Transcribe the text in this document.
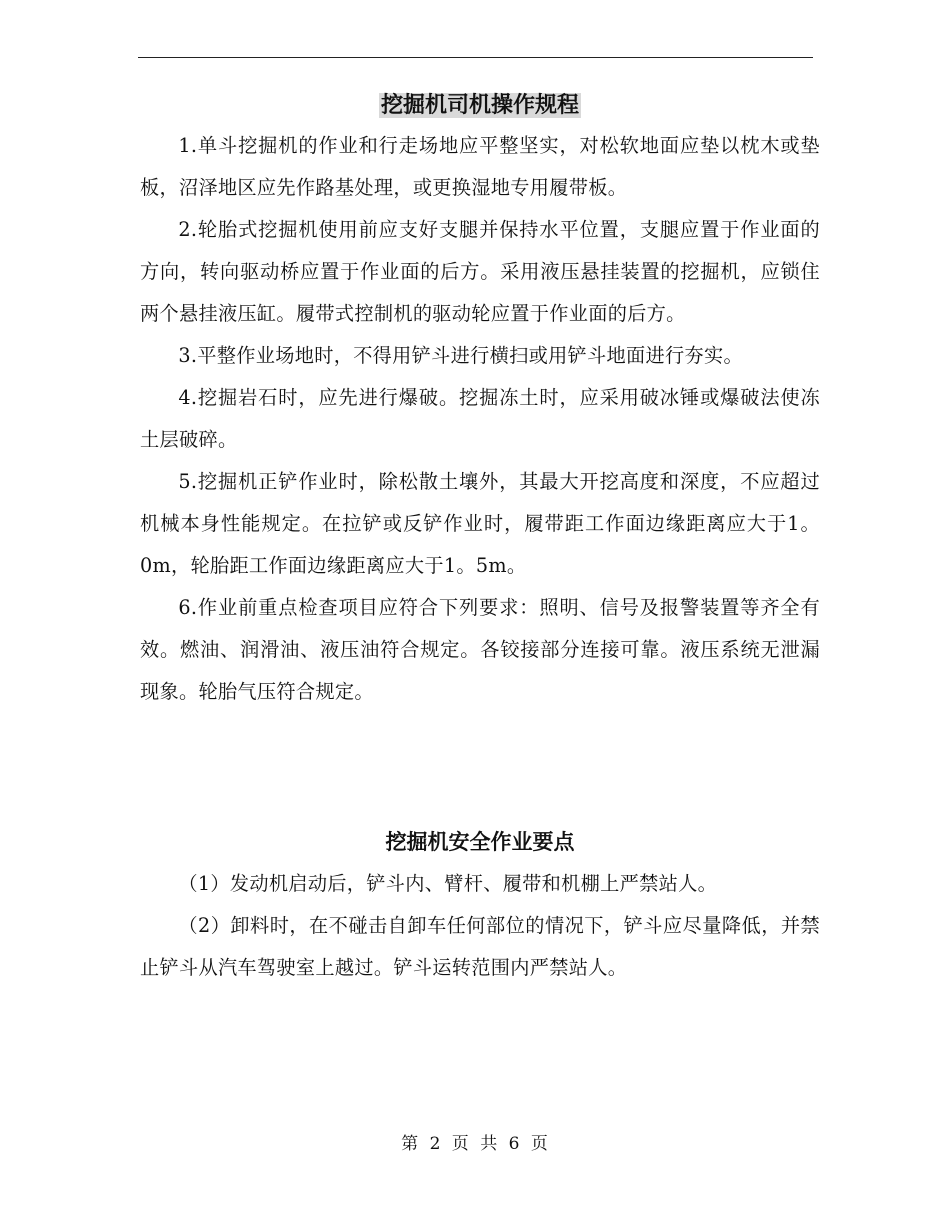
挖掘机司机操作规程

1.单斗挖掘机的作业和行走场地应平整坚实，对松软地面应垫以枕木或垫板，沼泽地区应先作路基处理，或更换湿地专用履带板。

2.轮胎式挖掘机使用前应支好支腿并保持水平位置，支腿应置于作业面的方向，转向驱动桥应置于作业面的后方。采用液压悬挂装置的挖掘机，应锁住两个悬挂液压缸。履带式控制机的驱动轮应置于作业面的后方。

3.平整作业场地时，不得用铲斗进行横扫或用铲斗地面进行夯实。

4.挖掘岩石时，应先进行爆破。挖掘冻土时，应采用破冰锤或爆破法使冻土层破碎。

5.挖掘机正铲作业时，除松散土壤外，其最大开挖高度和深度，不应超过机械本身性能规定。在拉铲或反铲作业时，履带距工作面边缘距离应大于1。0m，轮胎距工作面边缘距离应大于1。5m。

6.作业前重点检查项目应符合下列要求：照明、信号及报警装置等齐全有效。燃油、润滑油、液压油符合规定。各铰接部分连接可靠。液压系统无泄漏现象。轮胎气压符合规定。

挖掘机安全作业要点

（1）发动机启动后，铲斗内、臂杆、履带和机棚上严禁站人。

（2）卸料时，在不碰击自卸车任何部位的情况下，铲斗应尽量降低，并禁止铲斗从汽车驾驶室上越过。铲斗运转范围内严禁站人。

第 2 页 共 6 页
